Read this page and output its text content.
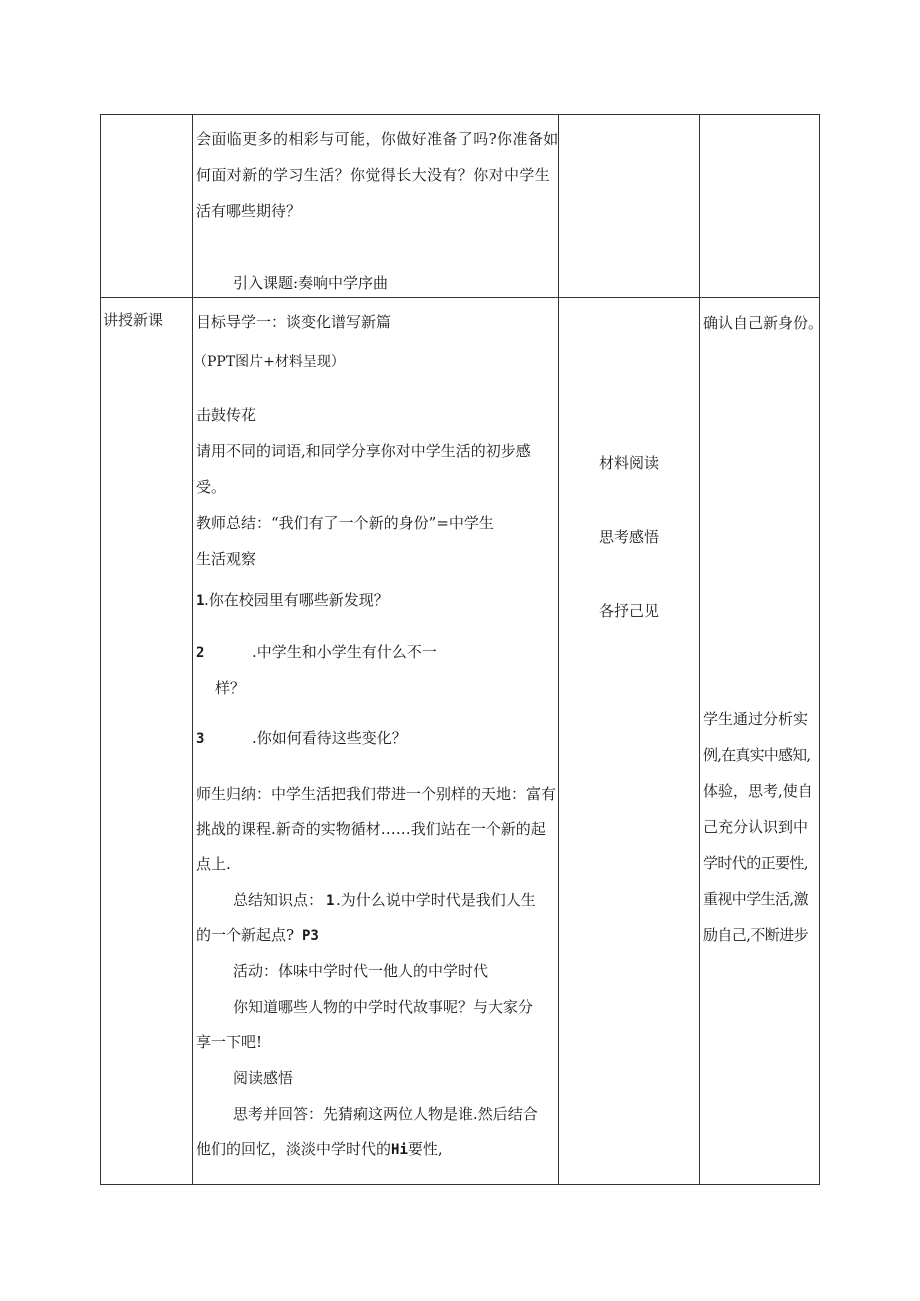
会面临更多的相彩与可能，你做好准备了吗?你准备如
何面对新的学习生活？你觉得长大没有？你对中学生
活有哪些期待？
引入课题:奏响中学序曲
讲授新课 目标导学一：谈变化谱写新篇
（PPT图片+材料呈现）
击鼓传花
请用不同的词语,和同学分享你对中学生活的初步感
受。
教师总结：“我们有了一个新的身份”=中学生
生活观察
1 .你在校园里有哪些新发现？
2	.中学生和小学生有什么不一
样？
3	.你如何看待这些变化？
师生归纳：中学生活把我们带进一个别样的天地：富有
挑战的课程.新奇的实物循材……我们站在一个新的起
点上.
总结知识点： 1 .为什么说中学时代是我们人生
的一个新起点? P3
活动：体味中学时代一他人的中学时代
你知道哪些人物的中学时代故事呢？与大家分
享一下吧!
阅读感悟
思考并回答：先猜痢这两位人物是谁.然后结合
他们的回忆，淡淡中学时代的Hi要性,
材料阅读
思考感悟
各抒己见
确认自己新身份。
学生通过分析实
例,在真实中感知,
体验，思考,使自
己充分认识到中
学时代的正要性,
重视中学生活,激
励自己,不断进步
